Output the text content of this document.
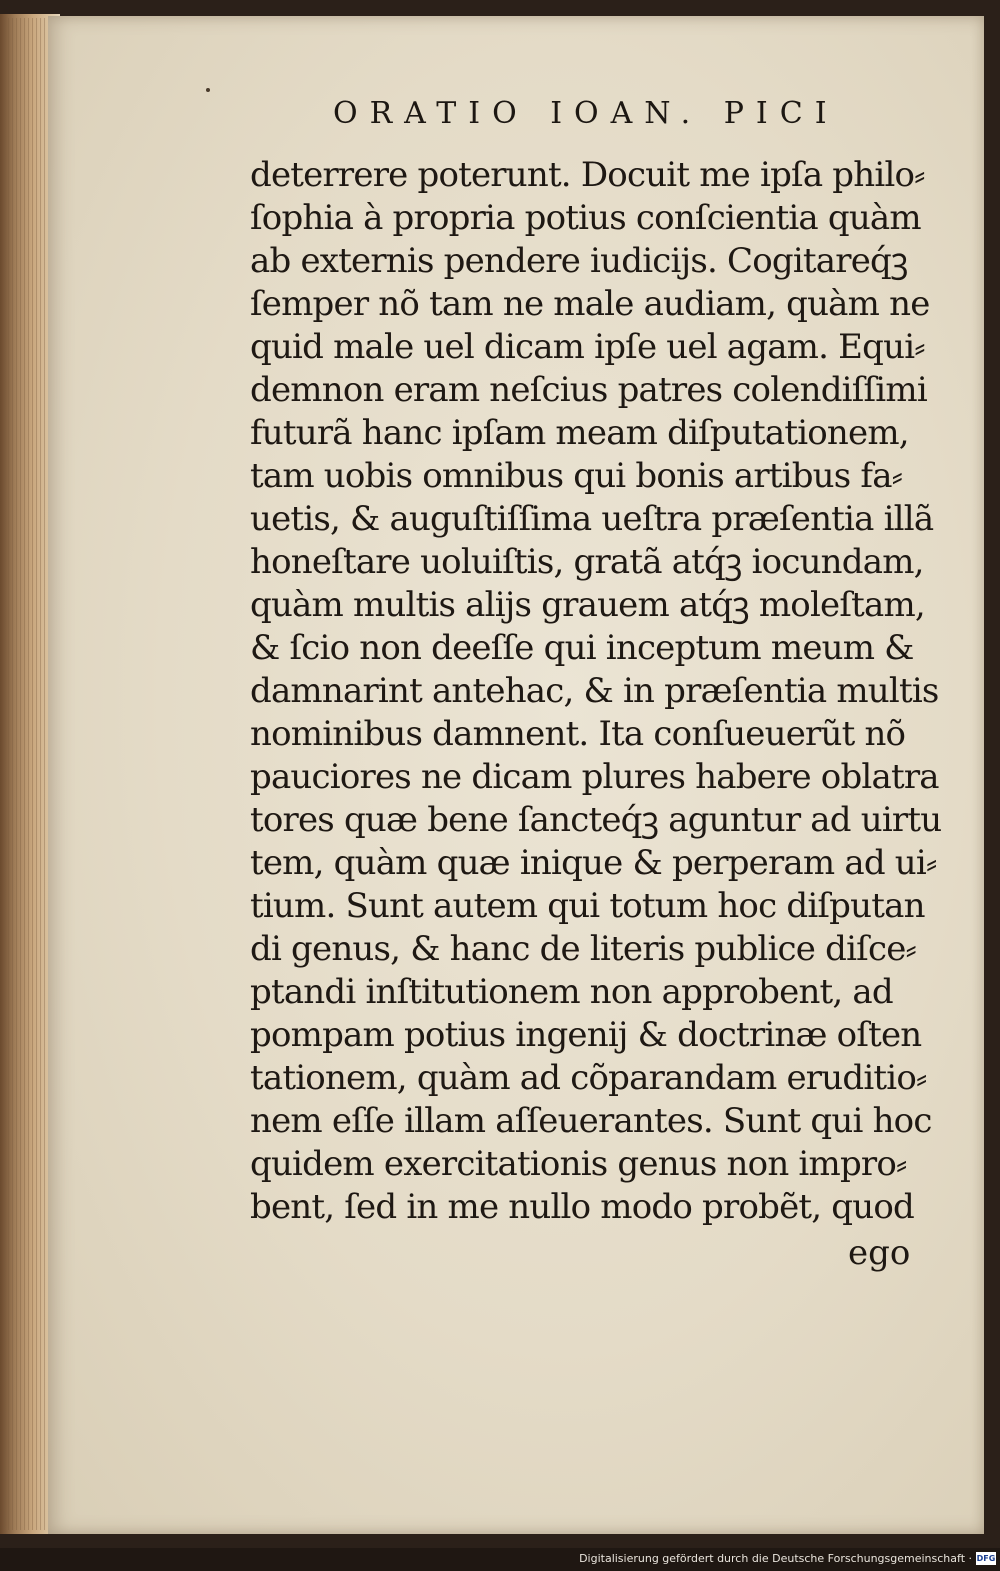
ORATIO IOAN. PICI
deterrere poterunt. Docuit me ipſa philo⸗
ſophia à propria potius conſcientia quàm
ab externis pendere iudicijs. Cogitareq́ꝫ
ſemper nõ tam ne male audiam, quàm ne
quid male uel dicam ipſe uel agam. Equi⸗
demnon eram neſcius patres colendiſſimi
futurã hanc ipſam meam diſputationem,
tam uobis omnibus qui bonis artibus fa⸗
uetis, & auguſtiſſima ueſtra præſentia illã
honeſtare uoluiſtis, gratã atq́ꝫ iocundam,
quàm multis alijs grauem atq́ꝫ moleſtam,
& ſcio non deeſſe qui inceptum meum &
damnarint antehac, & in præſentia multis
nominibus damnent. Ita conſueuerũt nõ
pauciores ne dicam plures habere oblatra
tores quæ bene ſancteq́ꝫ aguntur ad uirtu
tem, quàm quæ inique & perperam ad ui⸗
tium. Sunt autem qui totum hoc diſputan
di genus, & hanc de literis publice diſce⸗
ptandi inſtitutionem non approbent, ad
pompam potius ingenij & doctrinæ oſten
tationem, quàm ad cõparandam eruditio⸗
nem eſſe illam aſſeuerantes. Sunt qui hoc
quidem exercitationis genus non impro⸗
bent, ſed in me nullo modo probẽt, quod
ego
Digitalisierung gefördert durch die Deutsche Forschungsgemeinschaft · DFG
